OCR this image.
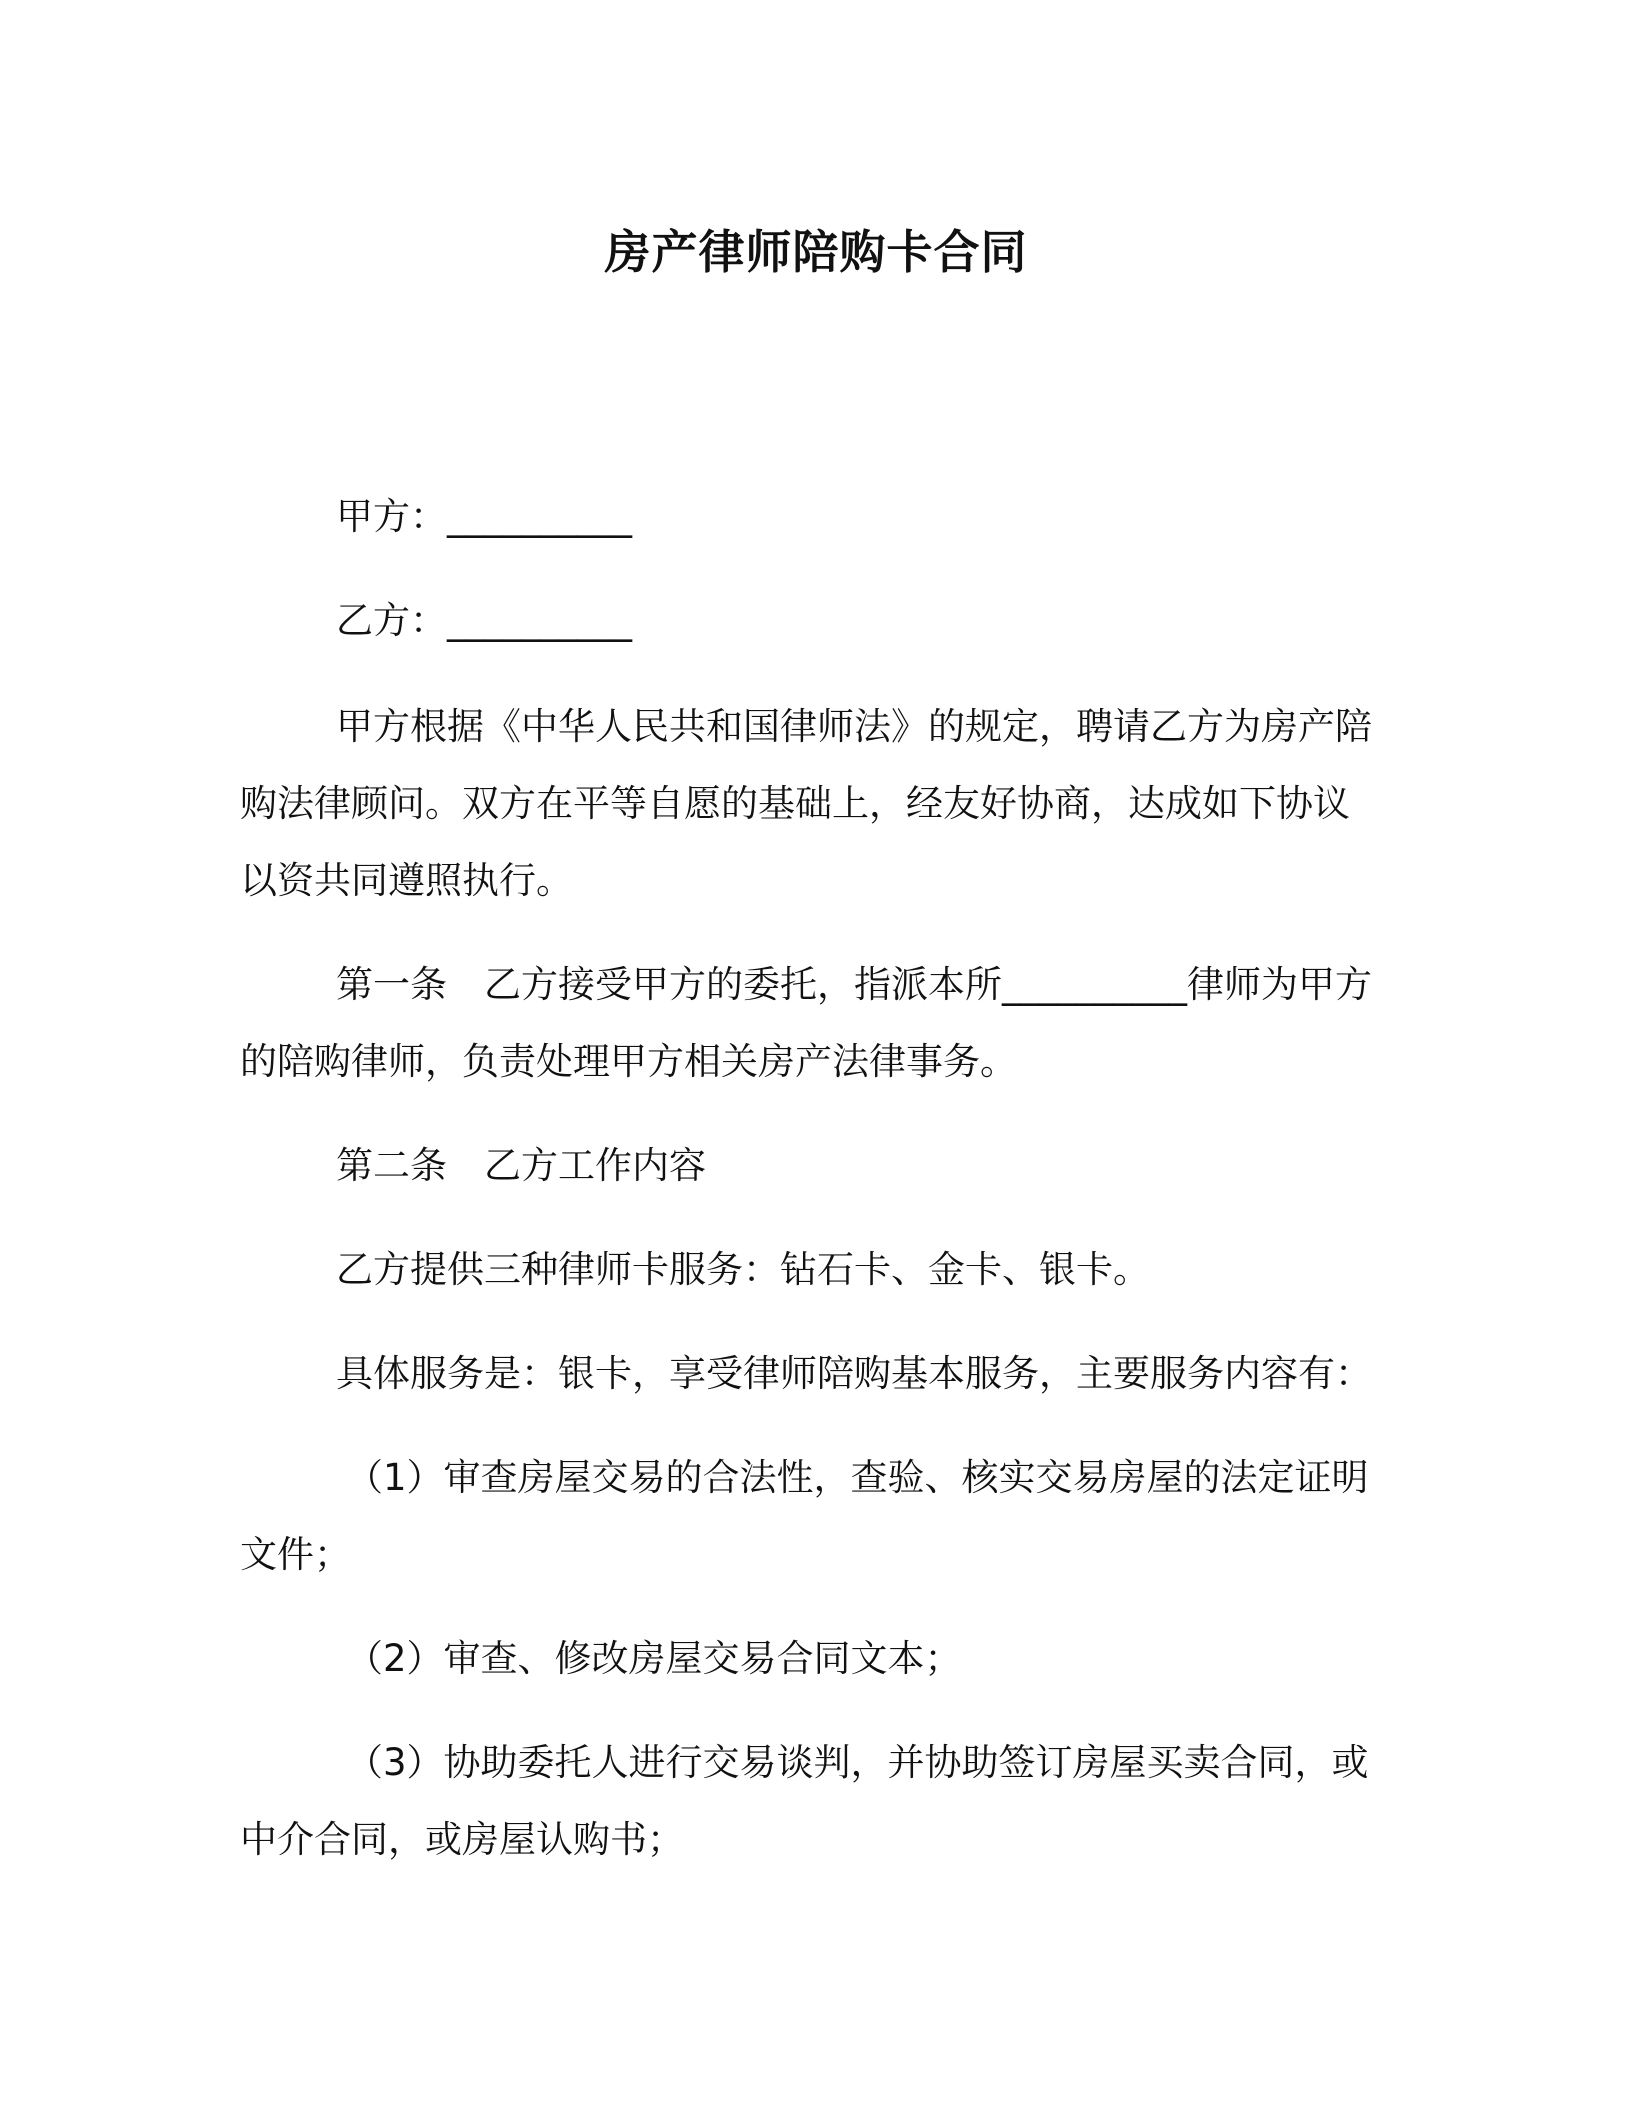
房产律师陪购卡合同
甲方：__________
乙方：__________
甲方根据《中华人民共和国律师法》的规定，聘请乙方为房产陪
购法律顾问。双方在平等自愿的基础上，经友好协商，达成如下协议
以资共同遵照执行。
第一条　乙方接受甲方的委托，指派本所__________律师为甲方
的陪购律师，负责处理甲方相关房产法律事务。
第二条　乙方工作内容
乙方提供三种律师卡服务：钻石卡、金卡、银卡。
具体服务是：银卡，享受律师陪购基本服务，主要服务内容有：
（1）审查房屋交易的合法性，查验、核实交易房屋的法定证明
文件；
（2）审查、修改房屋交易合同文本；
（3）协助委托人进行交易谈判，并协助签订房屋买卖合同，或
中介合同，或房屋认购书；
